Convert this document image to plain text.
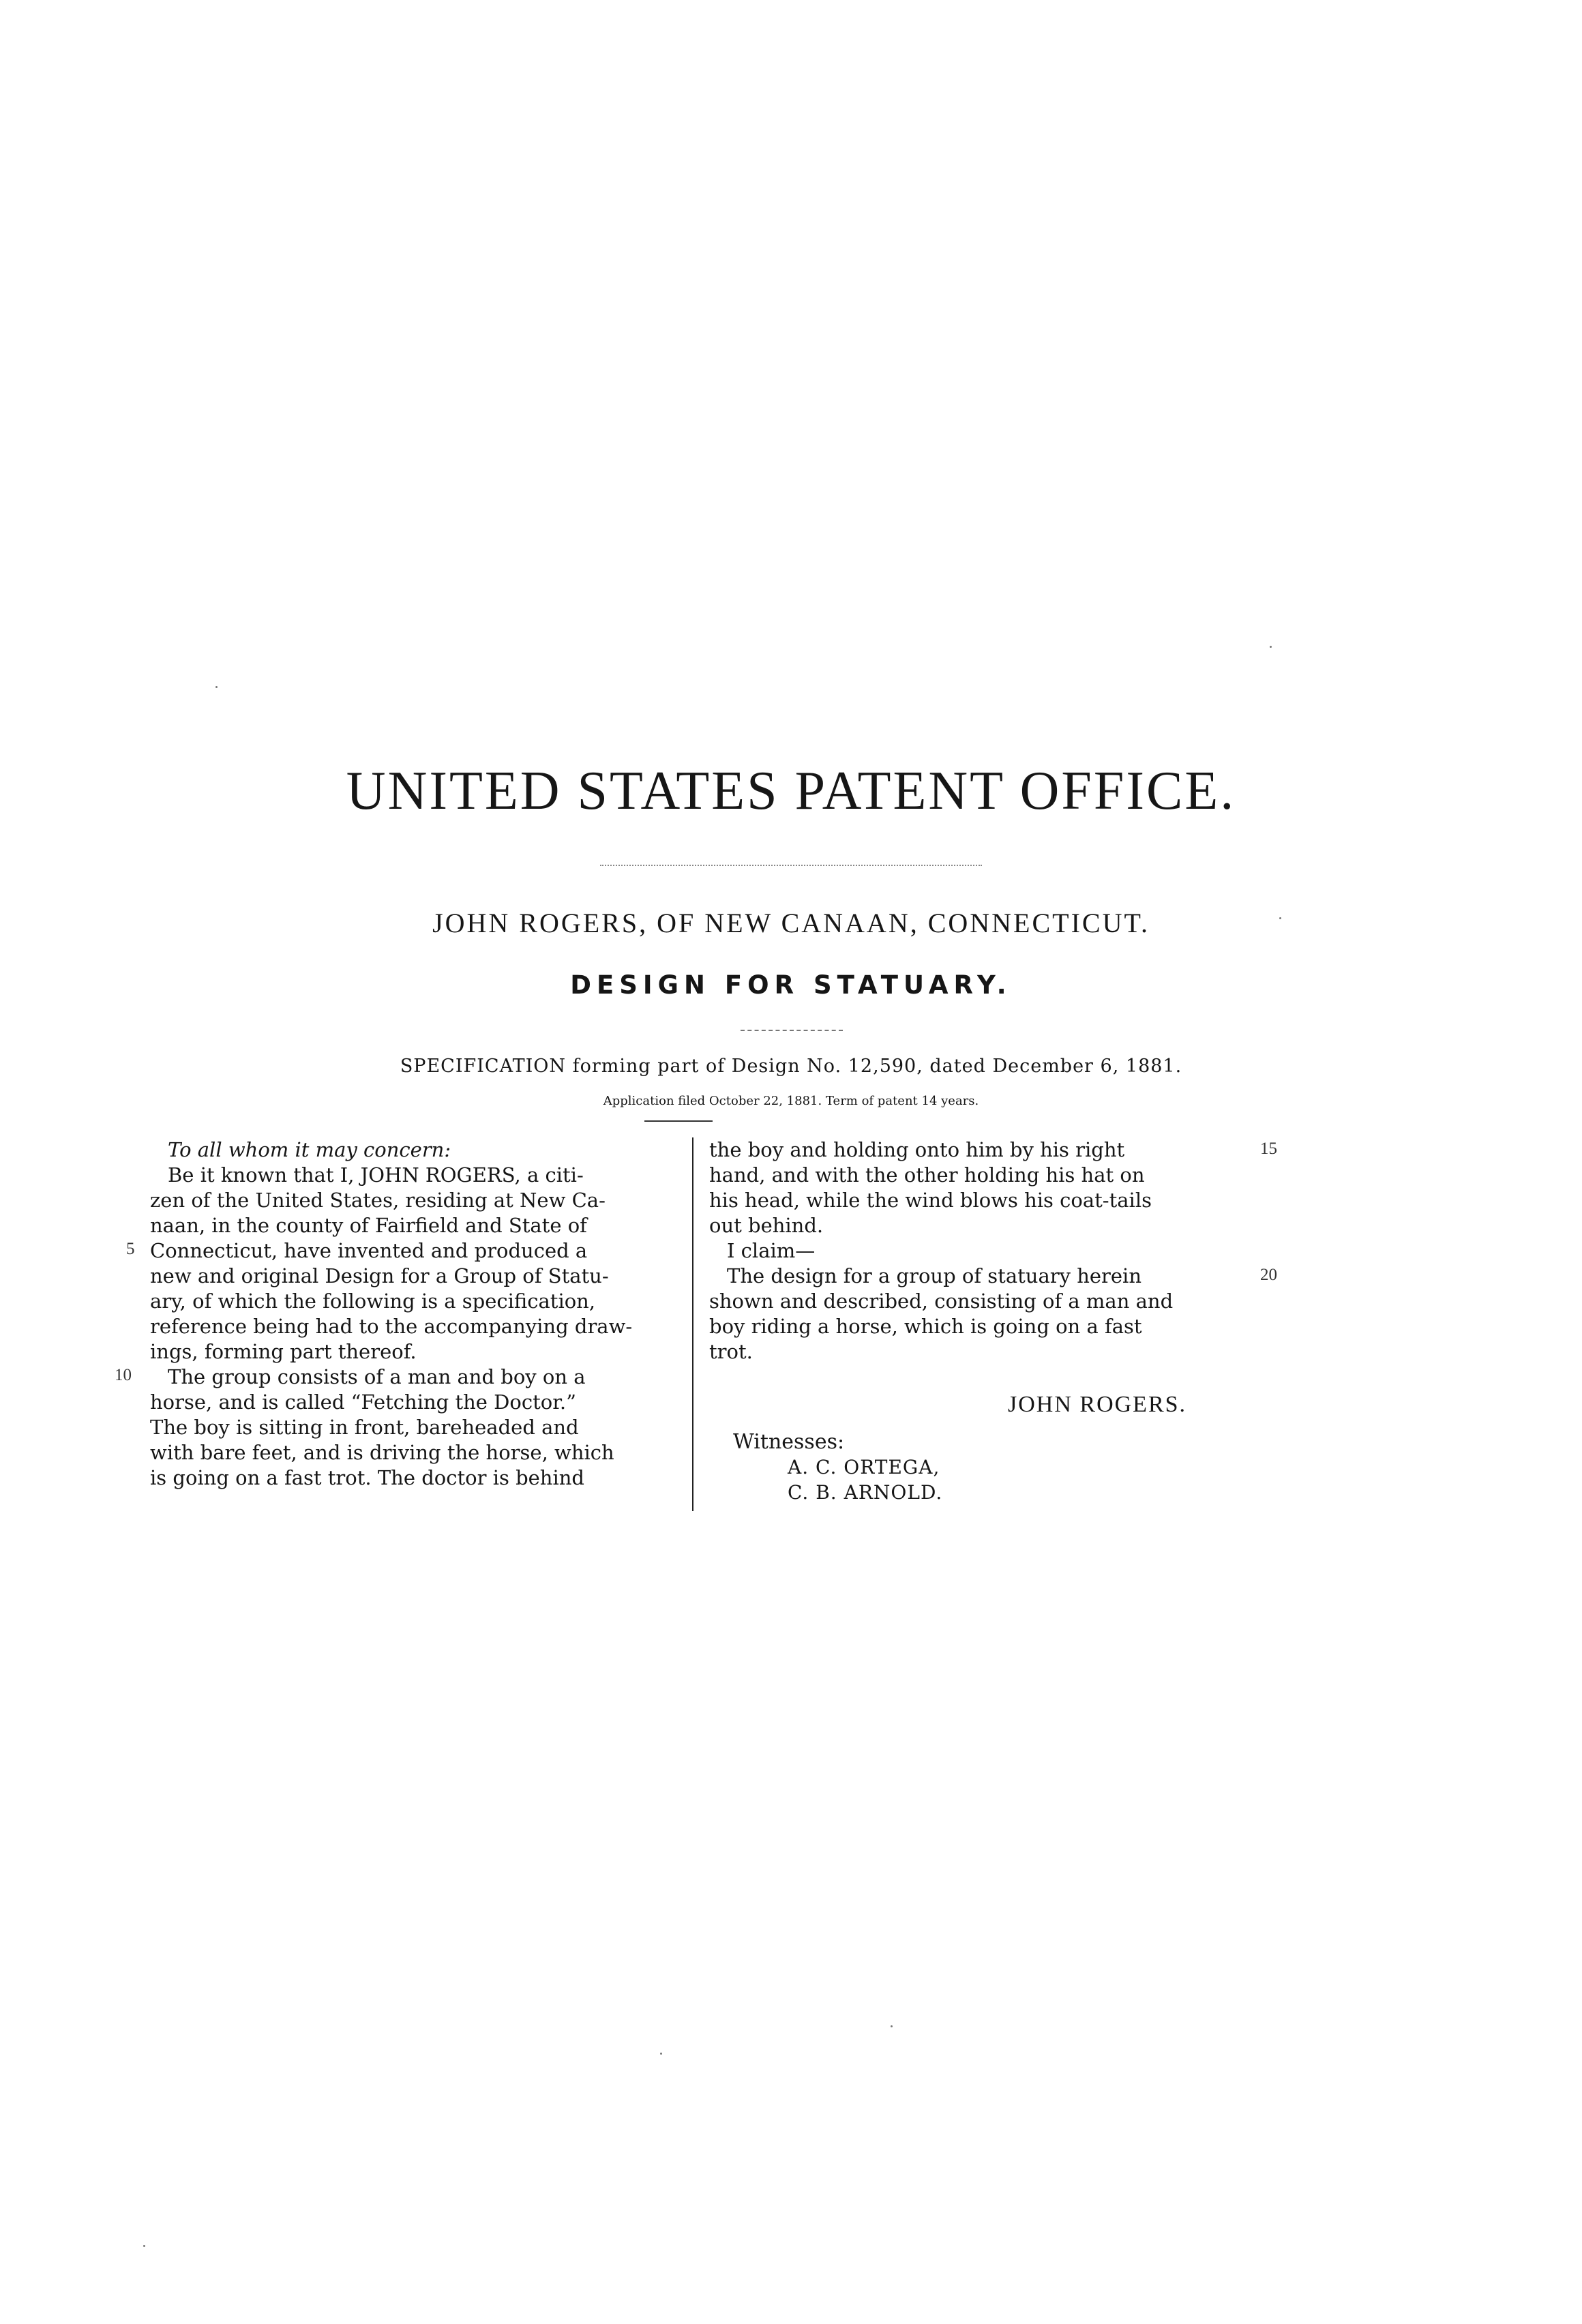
UNITED STATES PATENT OFFICE.
JOHN ROGERS, OF NEW CANAAN, CONNECTICUT.
DESIGN FOR STATUARY.
SPECIFICATION forming part of Design No. 12,590, dated December 6, 1881.
Application filed October 22, 1881. Term of patent 14 years.
To all whom it may concern:
Be it known that I, JOHN ROGERS, a citi-
zen of the United States, residing at New Ca-
naan, in the county of Fairfield and State of
Connecticut, have invented and produced a
new and original Design for a Group of Statu-
ary, of which the following is a specification,
reference being had to the accompanying draw-
ings, forming part thereof.
The group consists of a man and boy on a
horse, and is called “Fetching the Doctor.”
The boy is sitting in front, bareheaded and
with bare feet, and is driving the horse, which
is going on a fast trot. The doctor is behind
the boy and holding onto him by his right
hand, and with the other holding his hat on
his head, while the wind blows his coat-tails
out behind.
I claim—
The design for a group of statuary herein
shown and described, consisting of a man and
boy riding a horse, which is going on a fast
trot.
5
10
15
20
JOHN ROGERS.
Witnesses:
A. C. ORTEGA,
C. B. ARNOLD.
